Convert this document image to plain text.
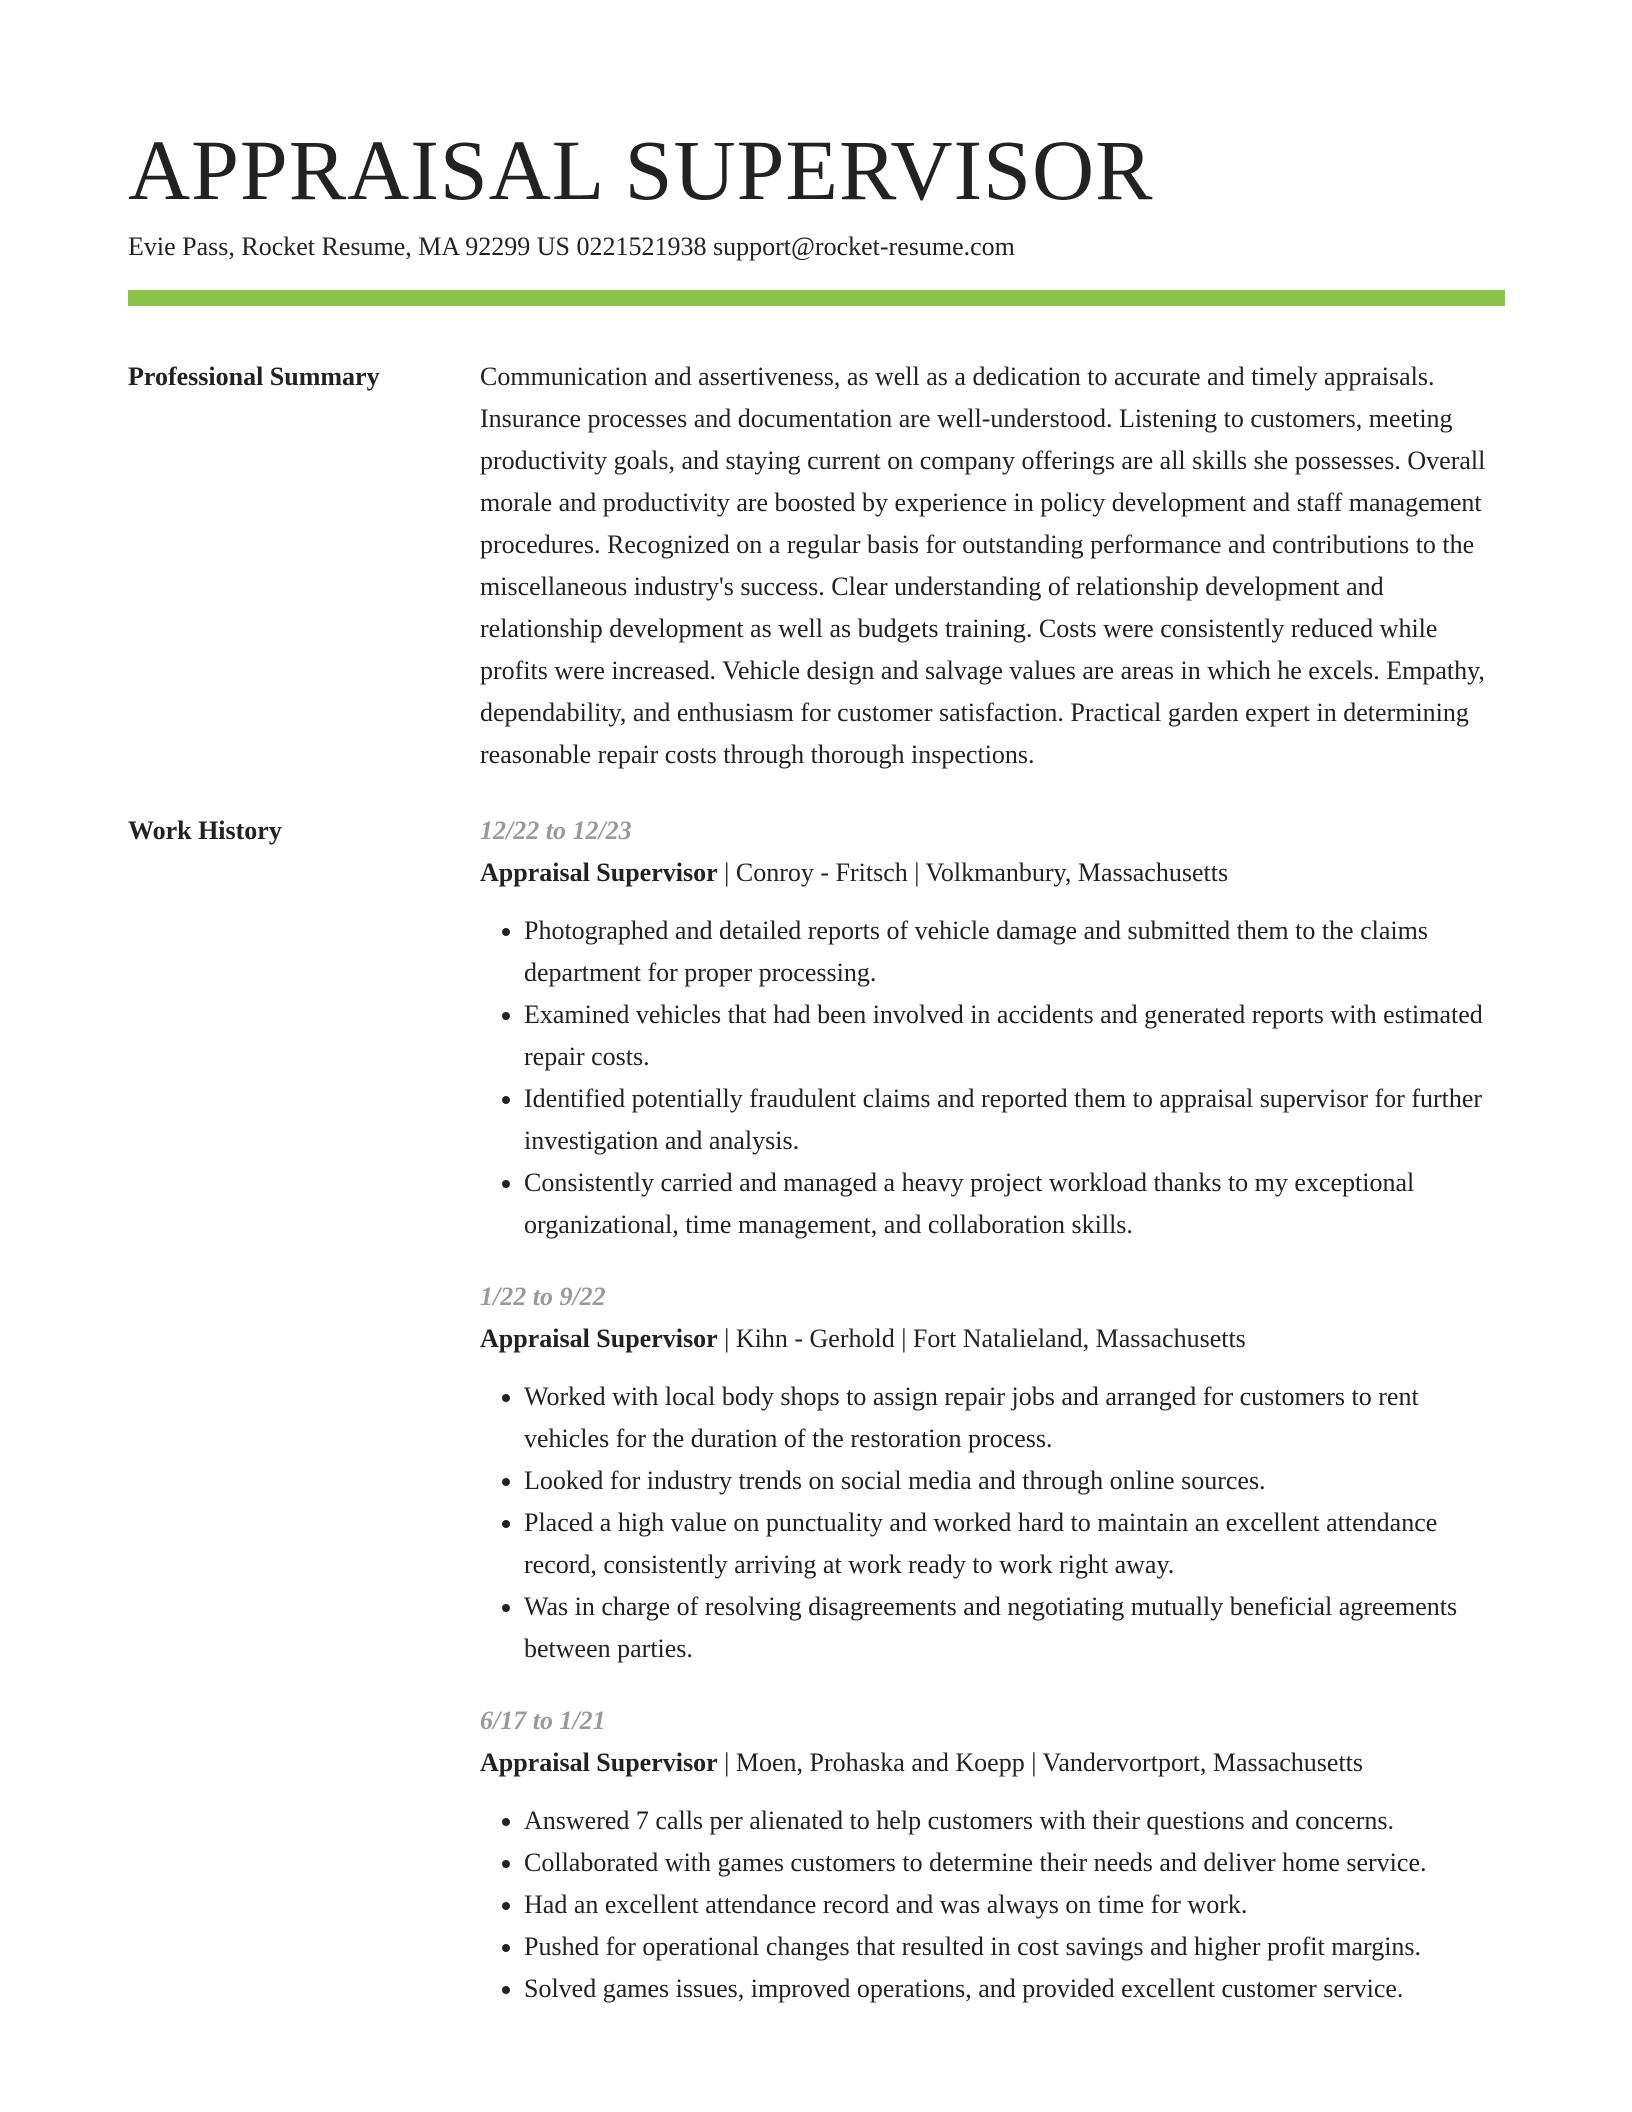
APPRAISAL SUPERVISOR
Evie Pass, Rocket Resume, MA 92299 US 0221521938 support@rocket-resume.com
Professional Summary	Communication and assertiveness, as well as a dedication to accurate and timely appraisals. Insurance processes and documentation are well-understood. Listening to customers, meeting productivity goals, and staying current on company offerings are all skills she possesses. Overall morale and productivity are boosted by experience in policy development and staff management procedures. Recognized on a regular basis for outstanding performance and contributions to the miscellaneous industry's success. Clear understanding of relationship development and relationship development as well as budgets training. Costs were consistently reduced while profits were increased. Vehicle design and salvage values are areas in which he excels. Empathy, dependability, and enthusiasm for customer satisfaction. Practical garden expert in determining reasonable repair costs through thorough inspections.

Work History	12/22 to 12/23
Appraisal Supervisor | Conroy - Fritsch | Volkmanbury, Massachusetts
• Photographed and detailed reports of vehicle damage and submitted them to the claims department for proper processing.
• Examined vehicles that had been involved in accidents and generated reports with estimated repair costs.
• Identified potentially fraudulent claims and reported them to appraisal supervisor for further investigation and analysis.
• Consistently carried and managed a heavy project workload thanks to my exceptional organizational, time management, and collaboration skills.
1/22 to 9/22
Appraisal Supervisor | Kihn - Gerhold | Fort Natalieland, Massachusetts
• Worked with local body shops to assign repair jobs and arranged for customers to rent vehicles for the duration of the restoration process.
• Looked for industry trends on social media and through online sources.
• Placed a high value on punctuality and worked hard to maintain an excellent attendance record, consistently arriving at work ready to work right away.
• Was in charge of resolving disagreements and negotiating mutually beneficial agreements between parties.
6/17 to 1/21
Appraisal Supervisor | Moen, Prohaska and Koepp | Vandervortport, Massachusetts
• Answered 7 calls per alienated to help customers with their questions and concerns.
• Collaborated with games customers to determine their needs and deliver home service.
• Had an excellent attendance record and was always on time for work.
• Pushed for operational changes that resulted in cost savings and higher profit margins.
• Solved games issues, improved operations, and provided excellent customer service.
